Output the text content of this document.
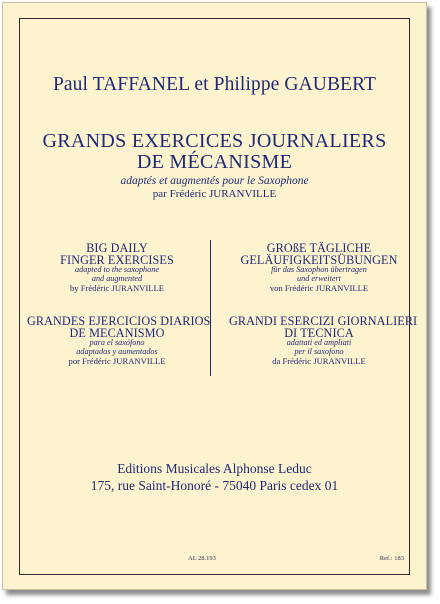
Paul TAFFANEL et Philippe GAUBERT
GRANDS EXERCICES JOURNALIERS
DE MÉCANISME
adaptés et augmentés pour le Saxophone
par Frédéric JURANVILLE
BIG DAILY
FINGER EXERCISES
adapted to the saxophone
and augmented
by Frédéric JURANVILLE
GROßE TÄGLICHE
GELÄUFIGKEITSÜBUNGEN
für das Saxophon übertragen
und erweitert
von Frédéric JURANVILLE
GRANDES EJERCICIOS DIARIOS
DE MECANISMO
para el saxófono
adaptados y aumentados
por Frédéric JURANVILLE
GRANDI ESERCIZI GIORNALIERI
DI TECNICA
adattati ed ampliati
per il saxofono
da Frédéric JURANVILLE
Editions Musicales Alphonse Leduc
175, rue Saint-Honoré - 75040 Paris cedex 01
AL 28.193	Ref.: 183
